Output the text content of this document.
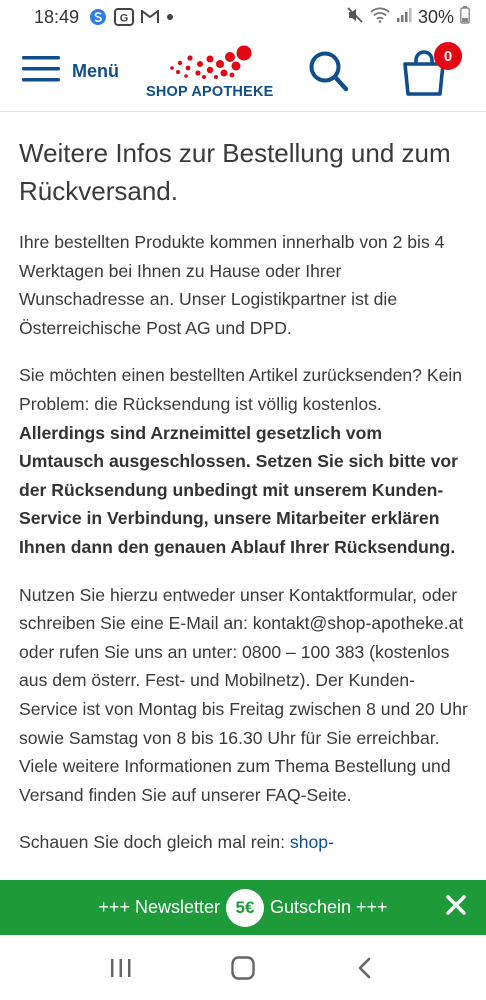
18:49	G	30%
Menü
SHOP APOTHEKE
0
Weitere Infos zur Bestellung und zum Rückversand.

Ihre bestellten Produkte kommen innerhalb von 2 bis 4 Werktagen bei Ihnen zu Hause oder Ihrer Wunschadresse an. Unser Logistikpartner ist die Österreichische Post AG und DPD.

Sie möchten einen bestellten Artikel zurücksenden? Kein Problem: die Rücksendung ist völlig kostenlos. Allerdings sind Arzneimittel gesetzlich vom Umtausch ausgeschlossen. Setzen Sie sich bitte vor der Rücksendung unbedingt mit unserem Kunden-Service in Verbindung, unsere Mitarbeiter erklären Ihnen dann den genauen Ablauf Ihrer Rücksendung.

Nutzen Sie hierzu entweder unser Kontaktformular, oder schreiben Sie eine E-Mail an: kontakt@shop-apotheke.at oder rufen Sie uns an unter: 0800 – 100 383 (kostenlos aus dem österr. Fest- und Mobilnetz). Der Kunden-Service ist von Montag bis Freitag zwischen 8 und 20 Uhr sowie Samstag von 8 bis 16.30 Uhr für Sie erreichbar. Viele weitere Informationen zum Thema Bestellung und Versand finden Sie auf unserer FAQ-Seite.

Schauen Sie doch gleich mal rein: shop-

+++ Newsletter 5€ Gutschein +++
